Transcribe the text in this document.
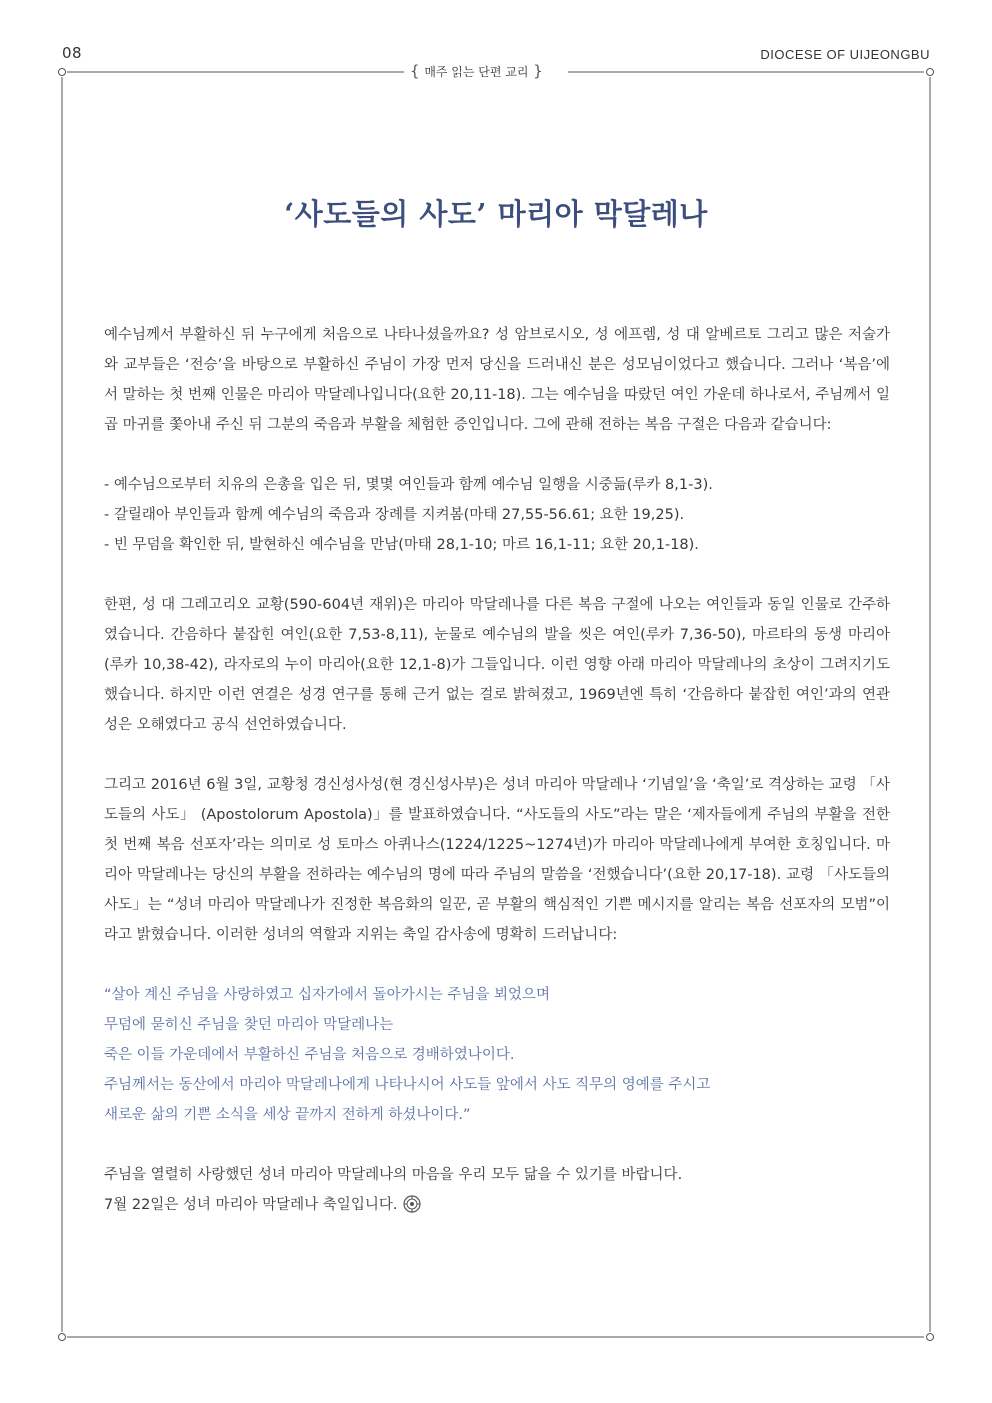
08	DIOCESE OF UIJEONGBU
{ 매주 읽는 단편 교리 }
‘사도들의 사도’ 마리아 막달레나

예수님께서 부활하신 뒤 누구에게 처음으로 나타나셨을까요? 성 암브로시오, 성 에프렘, 성 대 알베르토 그리고 많은 저술가와 교부들은 ‘전승’을 바탕으로 부활하신 주님이 가장 먼저 당신을 드러내신 분은 성모님이었다고 했습니다. 그러나 ‘복음’에서 말하는 첫 번째 인물은 마리아 막달레나입니다(요한 20,11-18). 그는 예수님을 따랐던 여인 가운데 하나로서, 주님께서 일곱 마귀를 쫓아내 주신 뒤 그분의 죽음과 부활을 체험한 증인입니다. 그에 관해 전하는 복음 구절은 다음과 같습니다:

- 예수님으로부터 치유의 은총을 입은 뒤, 몇몇 여인들과 함께 예수님 일행을 시중듦(루카 8,1-3).

- 갈릴래아 부인들과 함께 예수님의 죽음과 장례를 지켜봄(마태 27,55-56.61; 요한 19,25).

- 빈 무덤을 확인한 뒤, 발현하신 예수님을 만남(마태 28,1-10; 마르 16,1-11; 요한 20,1-18).

한편, 성 대 그레고리오 교황(590-604년 재위)은 마리아 막달레나를 다른 복음 구절에 나오는 여인들과 동일 인물로 간주하였습니다. 간음하다 붙잡힌 여인(요한 7,53-8,11), 눈물로 예수님의 발을 씻은 여인(루카 7,36-50), 마르타의 동생 마리아(루카 10,38-42), 라자로의 누이 마리아(요한 12,1-8)가 그들입니다. 이런 영향 아래 마리아 막달레나의 초상이 그려지기도 했습니다. 하지만 이런 연결은 성경 연구를 통해 근거 없는 걸로 밝혀졌고, 1969년엔 특히 ‘간음하다 붙잡힌 여인’과의 연관성은 오해였다고 공식 선언하였습니다.

그리고 2016년 6월 3일, 교황청 경신성사성(현 경신성사부)은 성녀 마리아 막달레나 ‘기념일’을 ‘축일’로 격상하는 교령 「사도들의 사도」 (Apostolorum Apostola)」를 발표하였습니다. “사도들의 사도”라는 말은 ‘제자들에게 주님의 부활을 전한 첫 번째 복음 선포자’라는 의미로 성 토마스 아퀴나스(1224/1225~1274년)가 마리아 막달레나에게 부여한 호칭입니다. 마리아 막달레나는 당신의 부활을 전하라는 예수님의 명에 따라 주님의 말씀을 ‘전했습니다’(요한 20,17-18). 교령 「사도들의 사도」는 “성녀 마리아 막달레나가 진정한 복음화의 일꾼, 곧 부활의 핵심적인 기쁜 메시지를 알리는 복음 선포자의 모범”이라고 밝혔습니다. 이러한 성녀의 역할과 지위는 축일 감사송에 명확히 드러납니다:

“살아 계신 주님을 사랑하였고 십자가에서 돌아가시는 주님을 뵈었으며

무덤에 묻히신 주님을 찾던 마리아 막달레나는

죽은 이들 가운데에서 부활하신 주님을 처음으로 경배하였나이다.

주님께서는 동산에서 마리아 막달레나에게 나타나시어 사도들 앞에서 사도 직무의 영예를 주시고

새로운 삶의 기쁜 소식을 세상 끝까지 전하게 하셨나이다.”

주님을 열렬히 사랑했던 성녀 마리아 막달레나의 마음을 우리 모두 닮을 수 있기를 바랍니다.

7월 22일은 성녀 마리아 막달레나 축일입니다.
